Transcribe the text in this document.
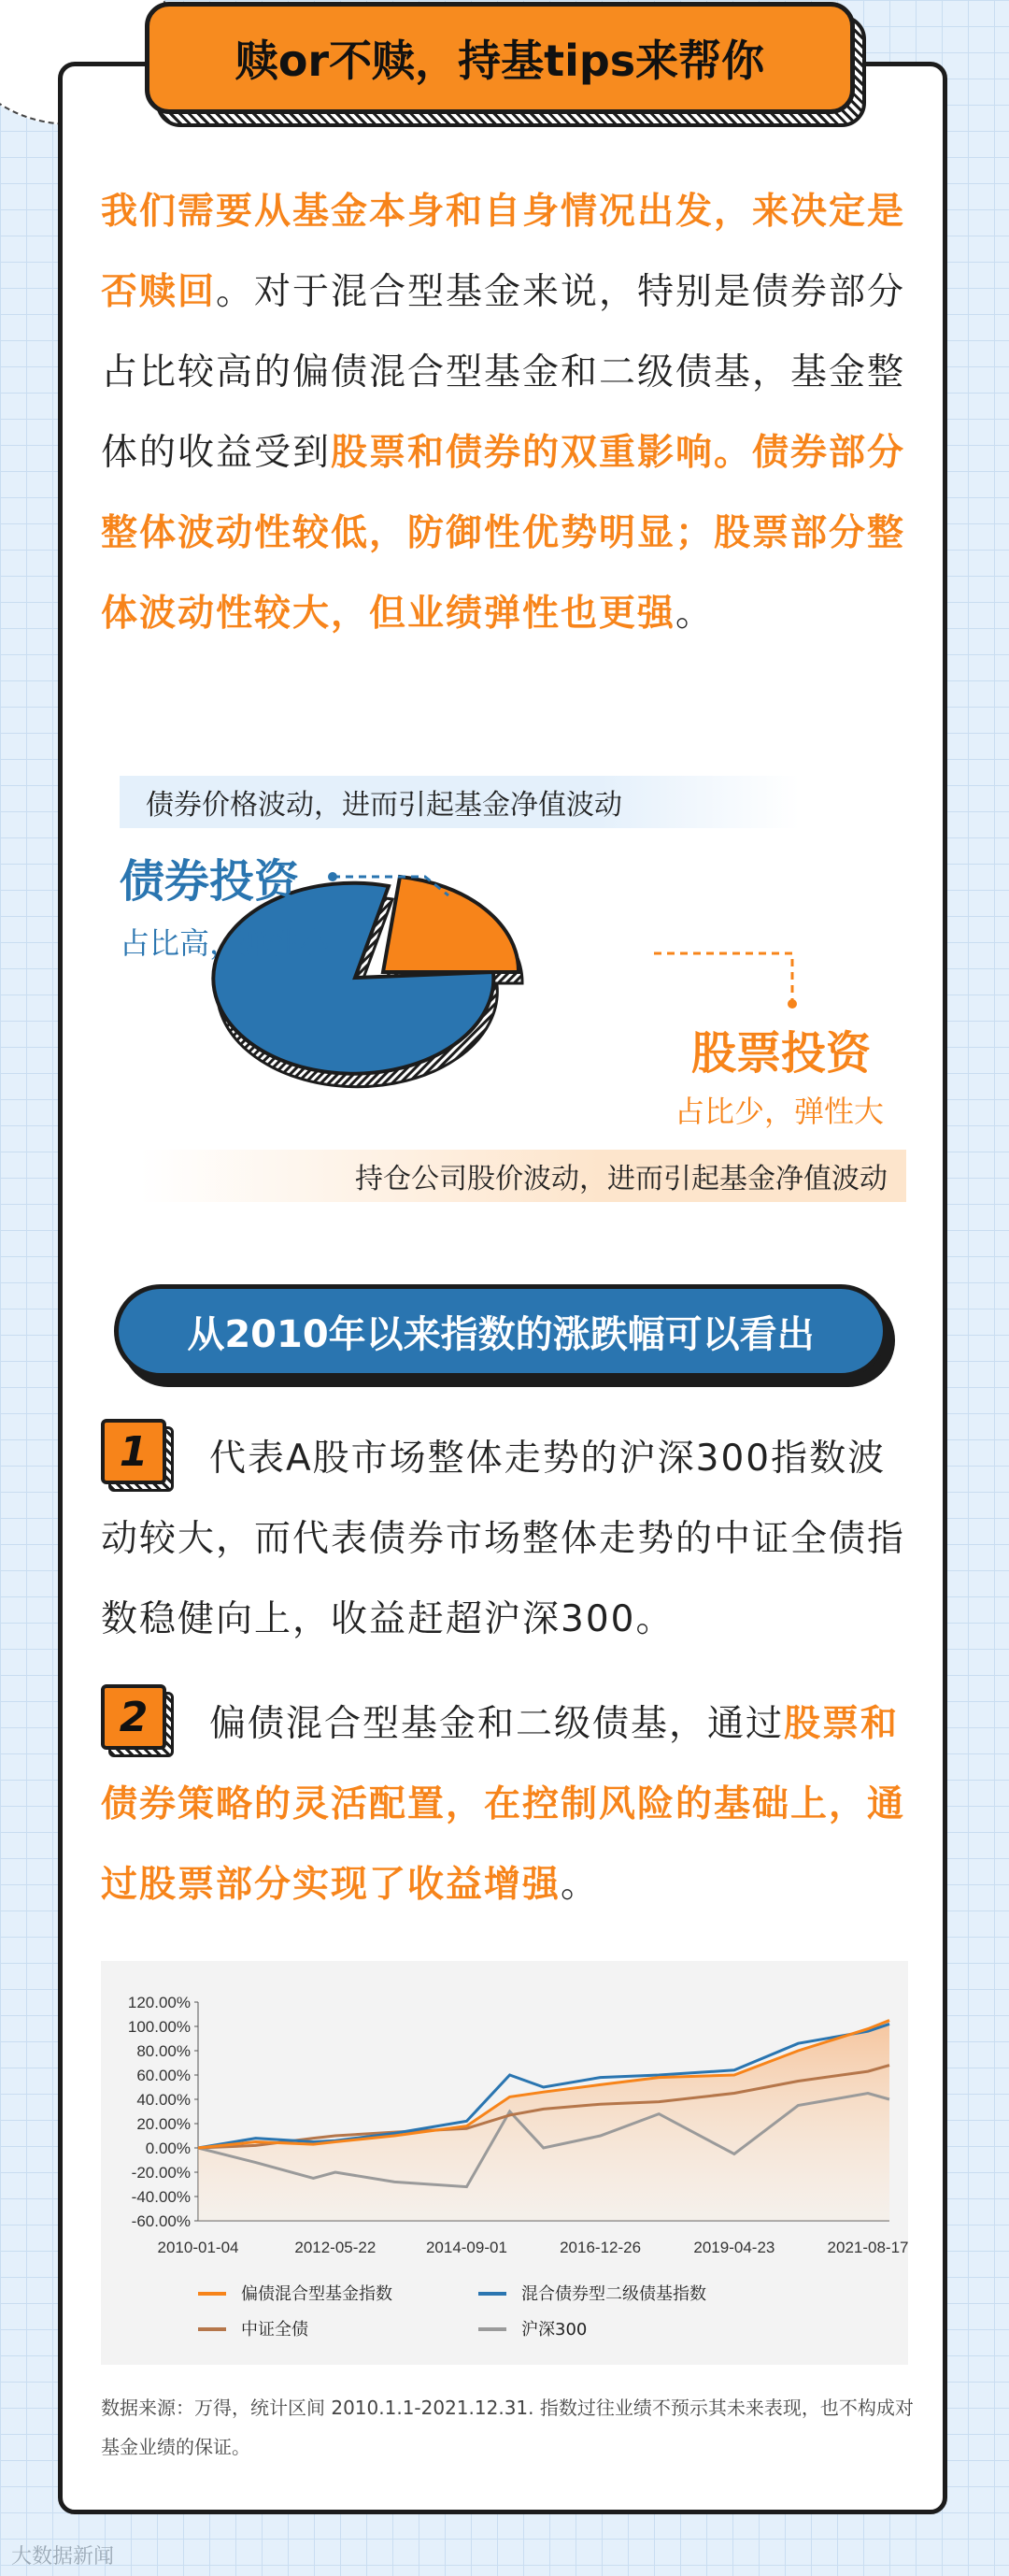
赎or不赎，持基tips来帮你
我们需要从基金本身和自身情况出发，来决定是否赎回。对于混合型基金来说，特别是债券部分占比较高的偏债混合型基金和二级债基，基金整体的收益受到股票和债券的双重影响。债券部分整体波动性较低，防御性优势明显；股票部分整体波动性较大，但业绩弹性也更强。
债券价格波动，进而引起基金净值波动
债券投资
占比高，弹性小
股票投资
占比少，弹性大
持仓公司股价波动，进而引起基金净值波动
从2010年以来指数的涨跌幅可以看出
1	代表A股市场整体走势的沪深300指数波动较大，而代表债券市场整体走势的中证全债指数稳健向上，收益赶超沪深300。
2	偏债混合型基金和二级债基，通过股票和债券策略的灵活配置，在控制风险的基础上，通过股票部分实现了收益增强。
120.00%
100.00%
80.00%
60.00%
40.00%
20.00%
0.00%
-20.00%
-40.00%
-60.00%
2010-01-04	2012-05-22	2014-09-01	2016-12-26	2019-04-23	2021-08-17
偏债混合型基金指数	混合债券型二级债基指数
中证全债	沪深300
数据来源：万得，统计区间 2010.1.1-2021.12.31. 指数过往业绩不预示其未来表现，也不构成对基金业绩的保证。
大数据新闻
